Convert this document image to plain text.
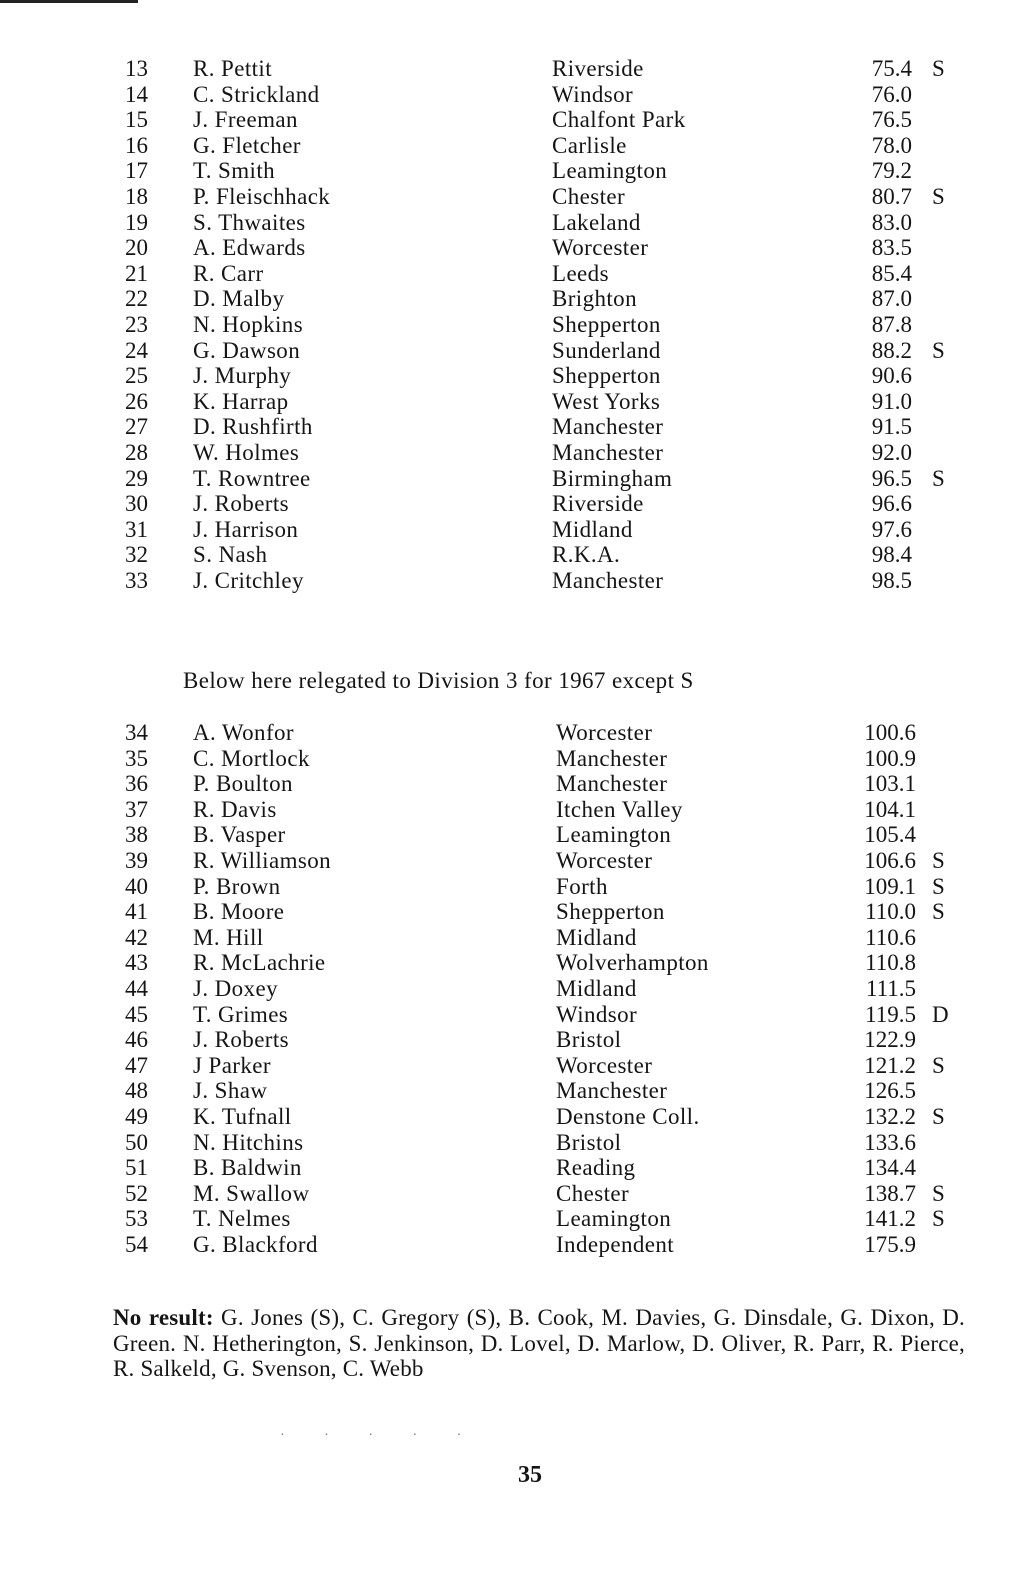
13 R. Pettit	Riverside	75.4 S
14 C. Strickland	Windsor	76.0
15 J. Freeman	Chalfont Park	76.5
16 G. Fletcher	Carlisle	78.0
17 T. Smith	Leamington	79.2
18 P. Fleischhack	Chester	80.7 S
19 S. Thwaites	Lakeland	83.0
20 A. Edwards	Worcester	83.5
21 R. Carr	Leeds	85.4
22 D. Malby	Brighton	87.0
23 N. Hopkins	Shepperton	87.8
24 G. Dawson	Sunderland	88.2 S
25 J. Murphy	Shepperton	90.6
26 K. Harrap	West Yorks	91.0
27 D. Rushfirth	Manchester	91.5
28 W. Holmes	Manchester	92.0
29 T. Rowntree	Birmingham	96.5 S
30 J. Roberts	Riverside	96.6
31 J. Harrison	Midland	97.6
32 S. Nash	R.K.A.	98.4
33 J. Critchley	Manchester	98.5
Below here relegated to Division 3 for 1967 except S
34 A. Wonfor	Worcester	100.6
35 C. Mortlock	Manchester	100.9
36 P. Boulton	Manchester	103.1
37 R. Davis	Itchen Valley	104.1
38 B. Vasper	Leamington	105.4
39 R. Williamson	Worcester	106.6 S
40 P. Brown	Forth	109.1 S
41 B. Moore	Shepperton	110.0 S
42 M. Hill	Midland	110.6
43 R. McLachrie	Wolverhampton	110.8
44 J. Doxey	Midland	111.5
45 T. Grimes	Windsor	119.5 D
46 J. Roberts	Bristol	122.9
47 J Parker	Worcester	121.2 S
48 J. Shaw	Manchester	126.5
49 K. Tufnall	Denstone Coll.	132.2 S
50 N. Hitchins	Bristol	133.6
51 B. Baldwin	Reading	134.4
52 M. Swallow	Chester	138.7 S
53 T. Nelmes	Leamington	141.2 S
54 G. Blackford	Independent	175.9
No result: G. Jones (S), C. Gregory (S), B. Cook, M. Davies, G. Dinsdale, G. Dixon, D. Green. N. Hetherington, S. Jenkinson, D. Lovel, D. Marlow, D. Oliver, R. Parr, R. Pierce, R. Salkeld, G. Svenson, C. Webb
· · · · ·
35
